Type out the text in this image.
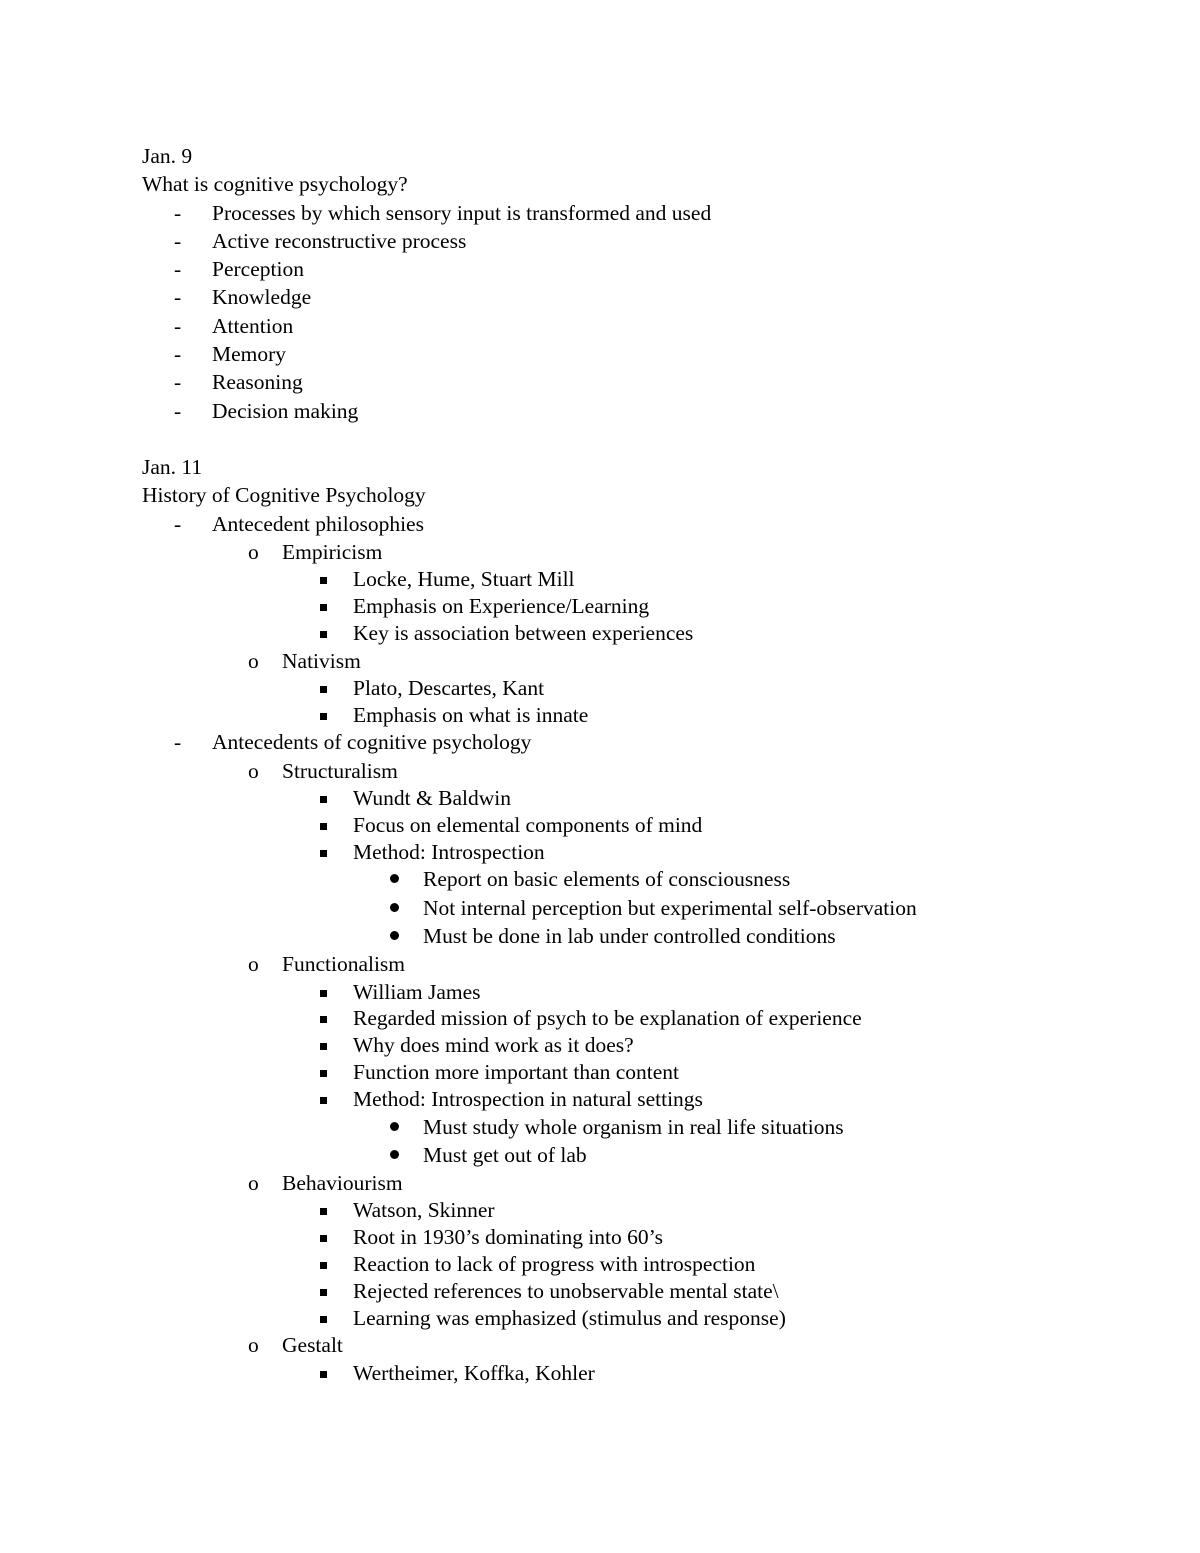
Jan. 9
What is cognitive psychology?
- Processes by which sensory input is transformed and used
- Active reconstructive process
- Perception
- Knowledge
- Attention
- Memory
- Reasoning
- Decision making
Jan. 11
History of Cognitive Psychology
- Antecedent philosophies
o Empiricism
Locke, Hume, Stuart Mill
Emphasis on Experience/Learning
Key is association between experiences
o Nativism
Plato, Descartes, Kant
Emphasis on what is innate
- Antecedents of cognitive psychology
o Structuralism
Wundt & Baldwin
Focus on elemental components of mind
Method: Introspection
Report on basic elements of consciousness
Not internal perception but experimental self-observation
Must be done in lab under controlled conditions
o Functionalism
William James
Regarded mission of psych to be explanation of experience
Why does mind work as it does?
Function more important than content
Method: Introspection in natural settings
Must study whole organism in real life situations
Must get out of lab
o Behaviourism
Watson, Skinner
Root in 1930’s dominating into 60’s
Reaction to lack of progress with introspection
Rejected references to unobservable mental state\
Learning was emphasized (stimulus and response)
o Gestalt
Wertheimer, Koffka, Kohler
